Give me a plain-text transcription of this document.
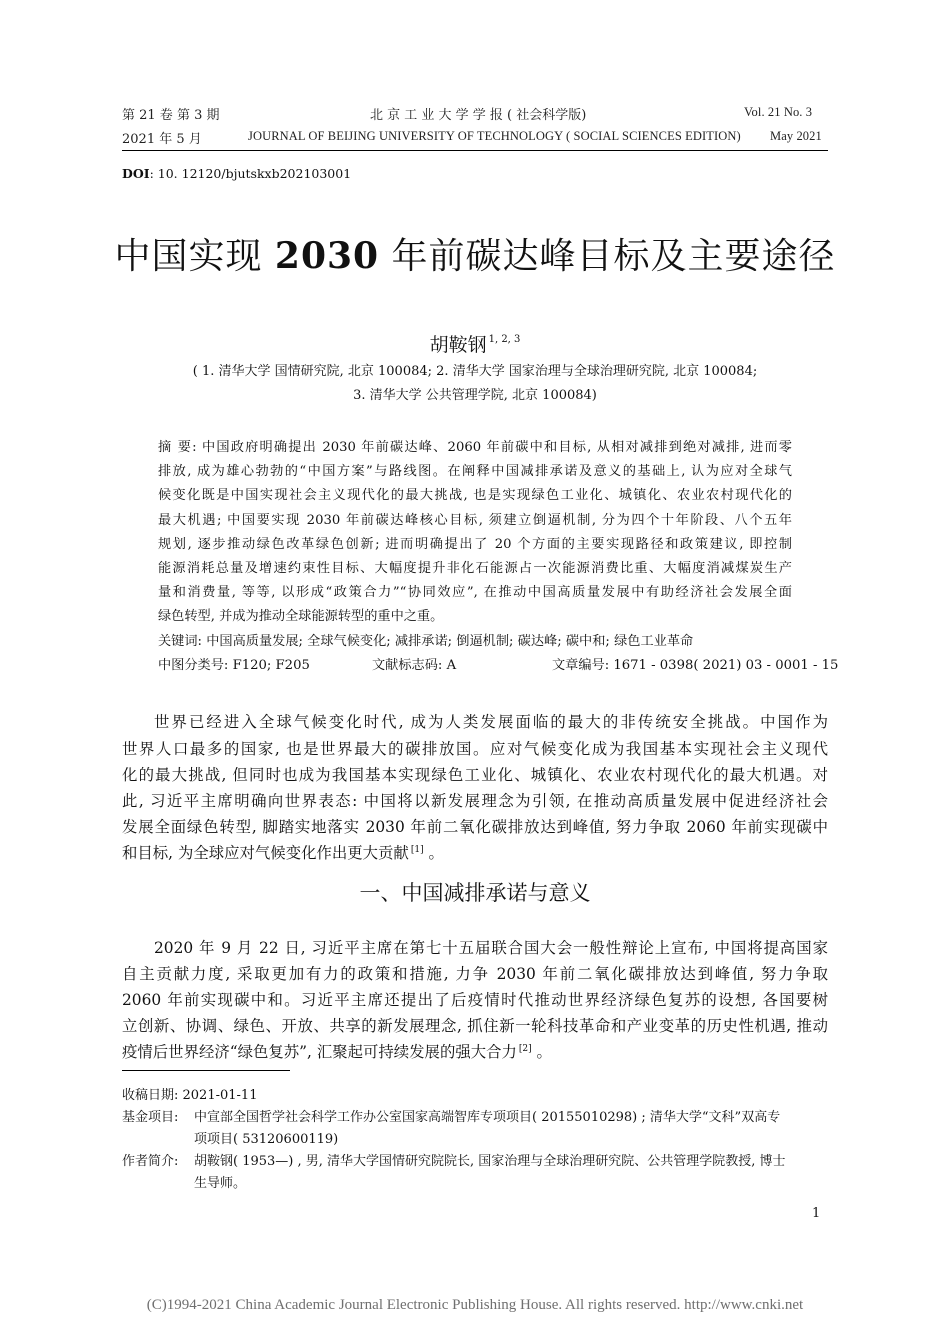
第 21 卷 第 3 期	北 京 工 业 大 学 学 报 ( 社会科学版)	Vol. 21 No. 3
2021 年 5 月	JOURNAL OF BEIJING UNIVERSITY OF TECHNOLOGY ( SOCIAL SCIENCES EDITION) May 2021
DOI: 10. 12120/bjutskxb202103001
中国实现 2030 年前碳达峰目标及主要途径
胡鞍钢 $^{1, 2, 3}$
( 1. 清华大学 国情研究院, 北京 100084; 2. 清华大学 国家治理与全球治理研究院, 北京 100084;
3. 清华大学 公共管理学院, 北京 100084)
摘 要: 中国政府明确提出 2030 年前碳达峰、2060 年前碳中和目标, 从相对减排到绝对减排, 进而零
排放, 成为雄心勃勃的“中国方案”与路线图。在阐释中国减排承诺及意义的基础上, 认为应对全球气
候变化既是中国实现社会主义现代化的最大挑战, 也是实现绿色工业化、城镇化、农业农村现代化的
最大机遇; 中国要实现 2030 年前碳达峰核心目标, 须建立倒逼机制, 分为四个十年阶段、八个五年
规划, 逐步推动绿色改革绿色创新; 进而明确提出了 20 个方面的主要实现路径和政策建议, 即控制
能源消耗总量及增速约束性目标、大幅度提升非化石能源占一次能源消费比重、大幅度消减煤炭生产
量和消费量, 等等, 以形成“政策合力”“协同效应”, 在推动中国高质量发展中有助经济社会发展全面
绿色转型, 并成为推动全球能源转型的重中之重。
关键词: 中国高质量发展; 全球气候变化; 减排承诺; 倒逼机制; 碳达峰; 碳中和; 绿色工业革命
中图分类号: F120; F205	文献标志码: A	文章编号: 1671 - 0398( 2021) 03 - 0001 - 15
世界已经进入全球气候变化时代, 成为人类发展面临的最大的非传统安全挑战。中国作为
世界人口最多的国家, 也是世界最大的碳排放国。应对气候变化成为我国基本实现社会主义现代
化的最大挑战, 但同时也成为我国基本实现绿色工业化、城镇化、农业农村现代化的最大机遇。对
此, 习近平主席明确向世界表态: 中国将以新发展理念为引领, 在推动高质量发展中促进经济社会
发展全面绿色转型, 脚踏实地落实 2030 年前二氧化碳排放达到峰值, 努力争取 2060 年前实现碳中
和目标, 为全球应对气候变化作出更大贡献 [1] 。
一、中国减排承诺与意义
2020 年 9 月 22 日, 习近平主席在第七十五届联合国大会一般性辩论上宣布, 中国将提高国家
自主贡献力度, 采取更加有力的政策和措施, 力争 2030 年前二氧化碳排放达到峰值, 努力争取
2060 年前实现碳中和。习近平主席还提出了后疫情时代推动世界经济绿色复苏的设想, 各国要树
立创新、协调、绿色、开放、共享的新发展理念, 抓住新一轮科技革命和产业变革的历史性机遇, 推动
疫情后世界经济“绿色复苏”, 汇聚起可持续发展的强大合力 [2] 。
收稿日期: 2021-01-11
基金项目: 中宣部全国哲学社会科学工作办公室国家高端智库专项项目( 20155010298) ; 清华大学“文科”双高专
项项目( 53120600119)
作者简介: 胡鞍钢( 1953—) , 男, 清华大学国情研究院院长, 国家治理与全球治理研究院、公共管理学院教授, 博士
生导师。
1
(C)1994-2021 China Academic Journal Electronic Publishing House. All rights reserved. http://www.cnki.net
